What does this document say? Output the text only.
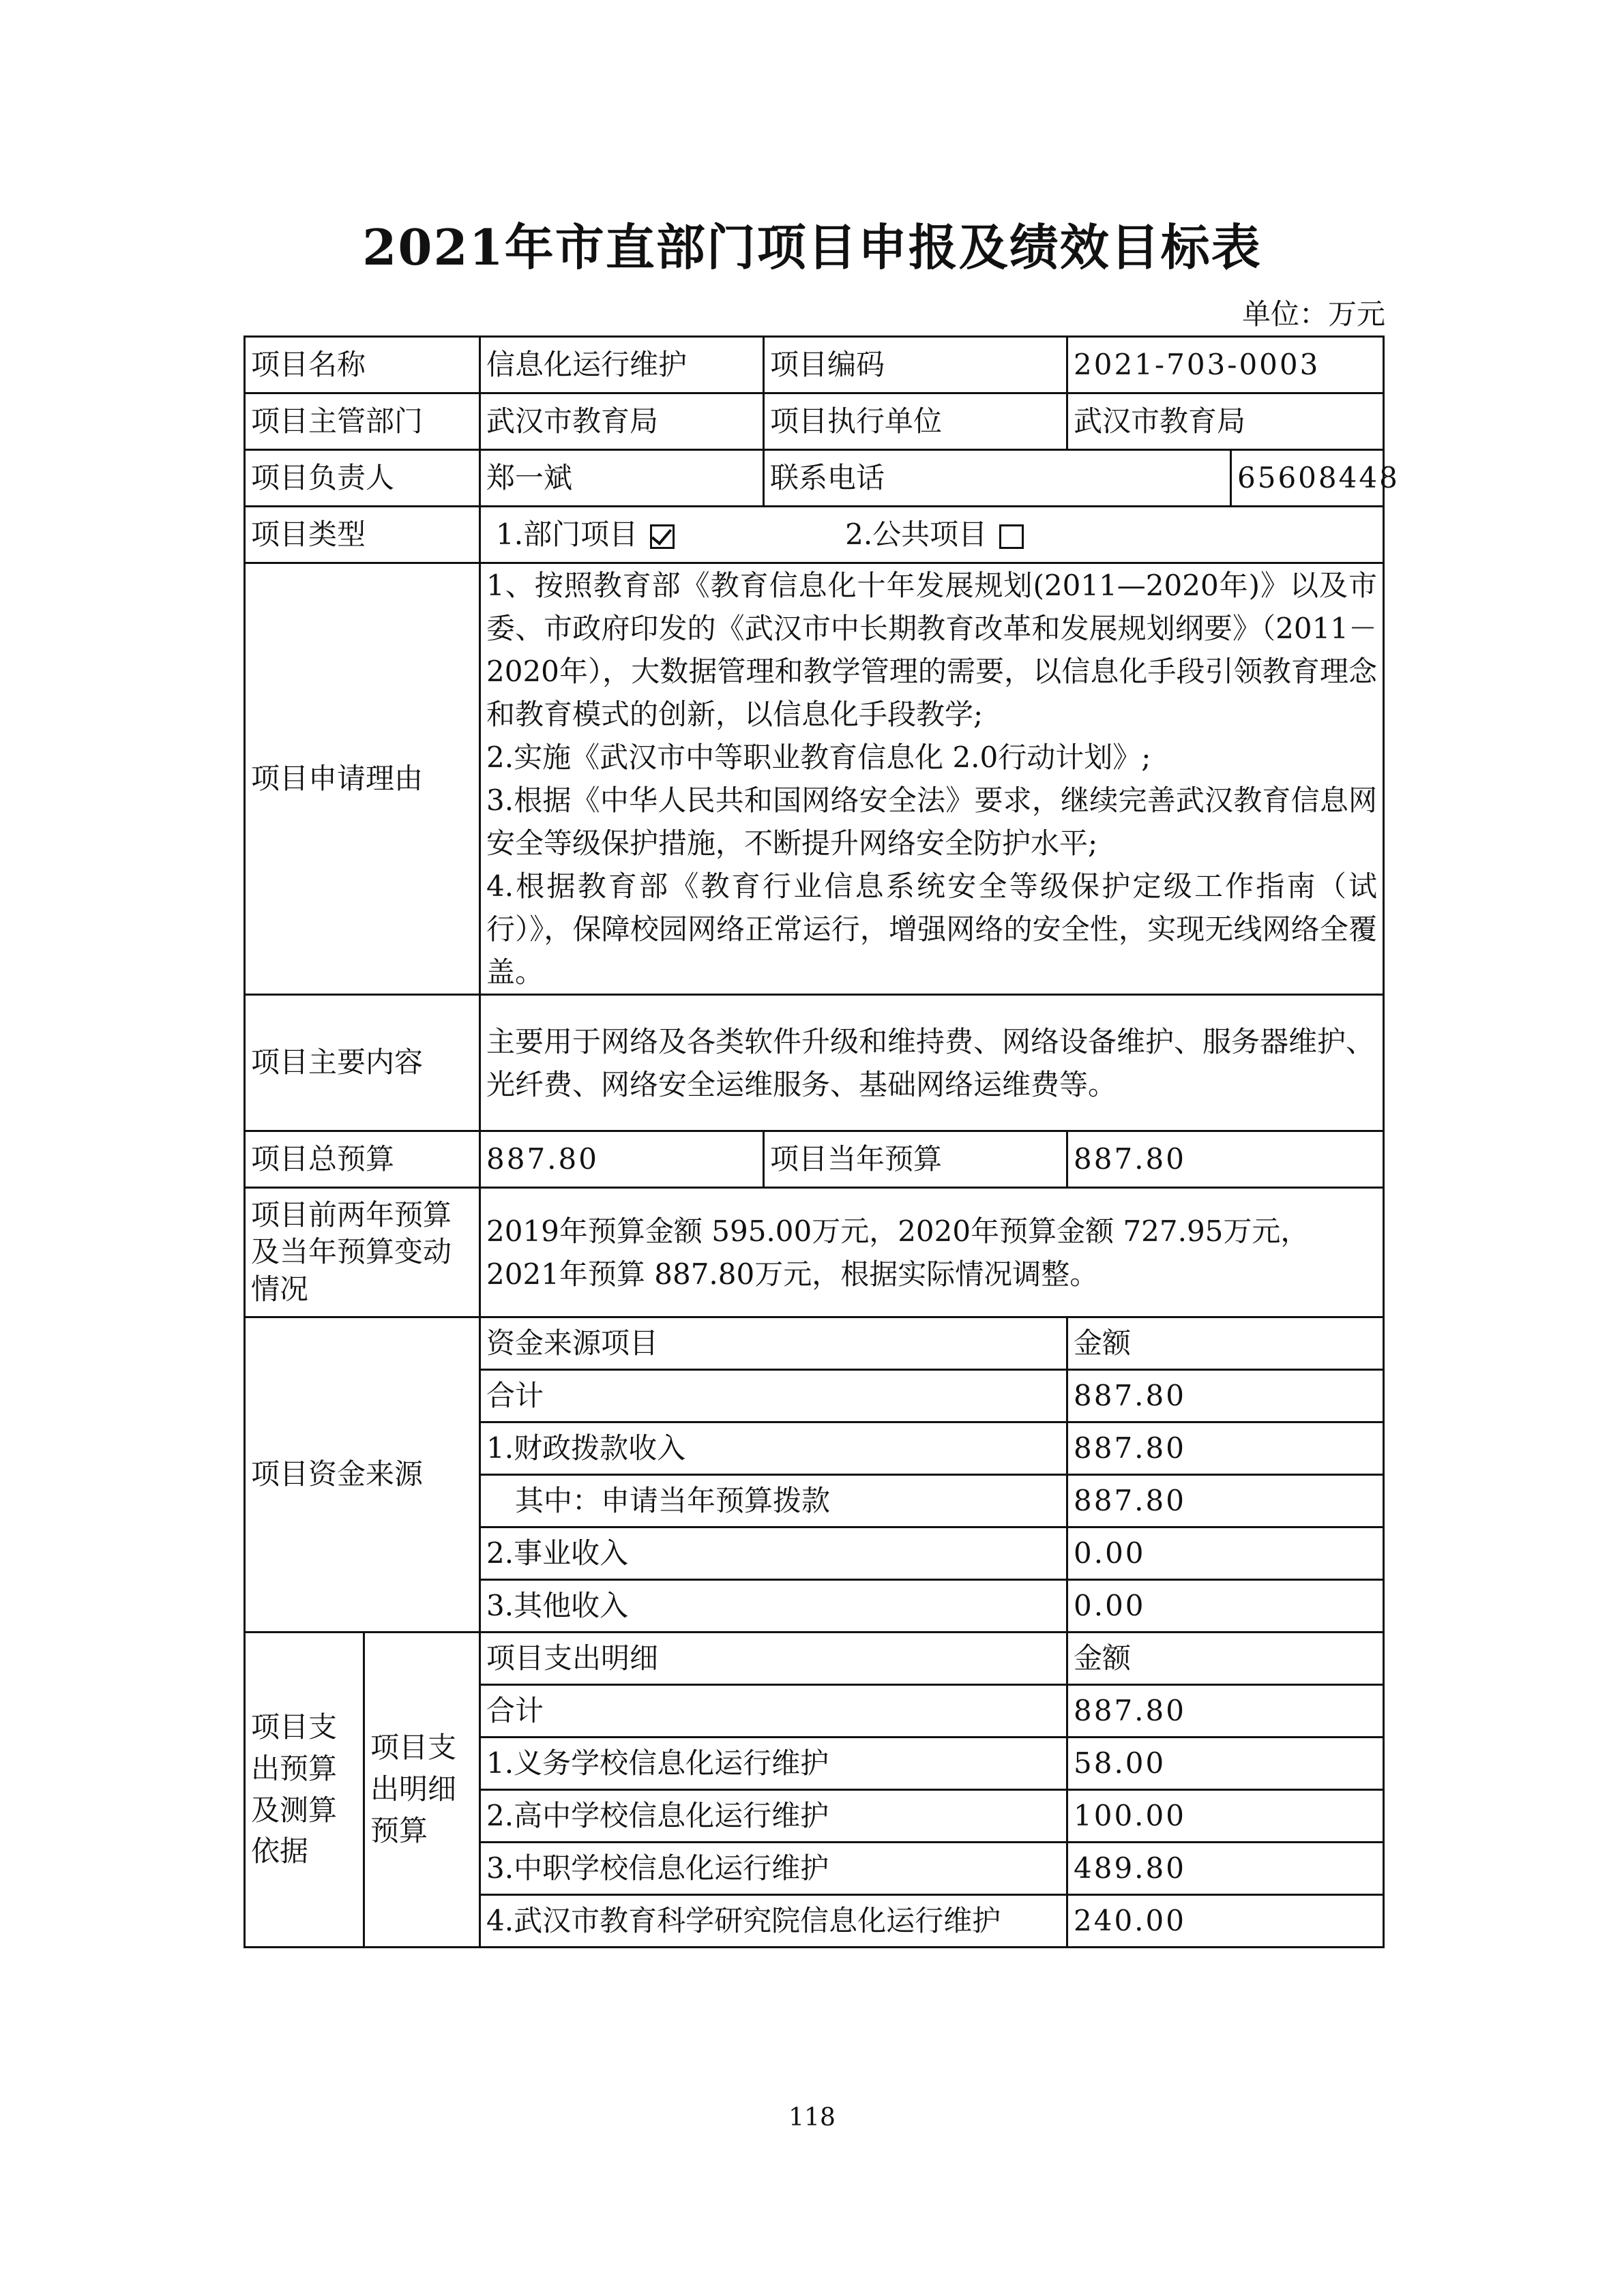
2021年市直部门项目申报及绩效目标表
单位：万元
项目名称		信息化运行维护	项目编码	2021-703-0003	
项目主管部门		武汉市教育局	项目执行单位	武汉市教育局	
项目负责人		郑一斌	联系电话		65608448
项目类型		1.部门项目 2.公共项目			
项目申请理由		1、按照教育部《教育信息化十年发展规划(2011—2020年)》以及市委、市政府印发的《武汉市中长期教育改革和发展规划纲要》（2011－2020年），大数据管理和教学管理的需要，以信息化手段引领教育理念和教育模式的创新，以信息化手段教学;

2.实施《武汉市中等职业教育信息化 2.0行动计划》;

3.根据《中华人民共和国网络安全法》要求，继续完善武汉教育信息网安全等级保护措施，不断提升网络安全防护水平;

4.根据教育部《教育行业信息系统安全等级保护定级工作指南（试行）》，保障校园网络正常运行，增强网络的安全性，实现无线网络全覆盖。			

项目主要内容		主要用于网络及各类软件升级和维持费、网络设备维护、服务器维护、光纤费、网络安全运维服务、基础网络运维费等。			
项目总预算		887.80	项目当年预算	887.80	
项目前两年预算及当年预算变动情况		2019年预算金额 595.00万元，2020年预算金额 727.95万元，2021年预算 887.80万元，根据实际情况调整。			
项目资金来源		资金来源项目		金额	
		合计		887.80	
		1.财政拨款收入		887.80	
		其中：申请当年预算拨款		887.80	
		2.事业收入		0.00	
		3.其他收入		0.00	
项目支出预算及测算依据	项目支出明细预算	项目支出明细		金额	
		合计		887.80	
		1.义务学校信息化运行维护		58.00	
		2.高中学校信息化运行维护		100.00	
		3.中职学校信息化运行维护		489.80	
		4.武汉市教育科学研究院信息化运行维护		240.00	
118
